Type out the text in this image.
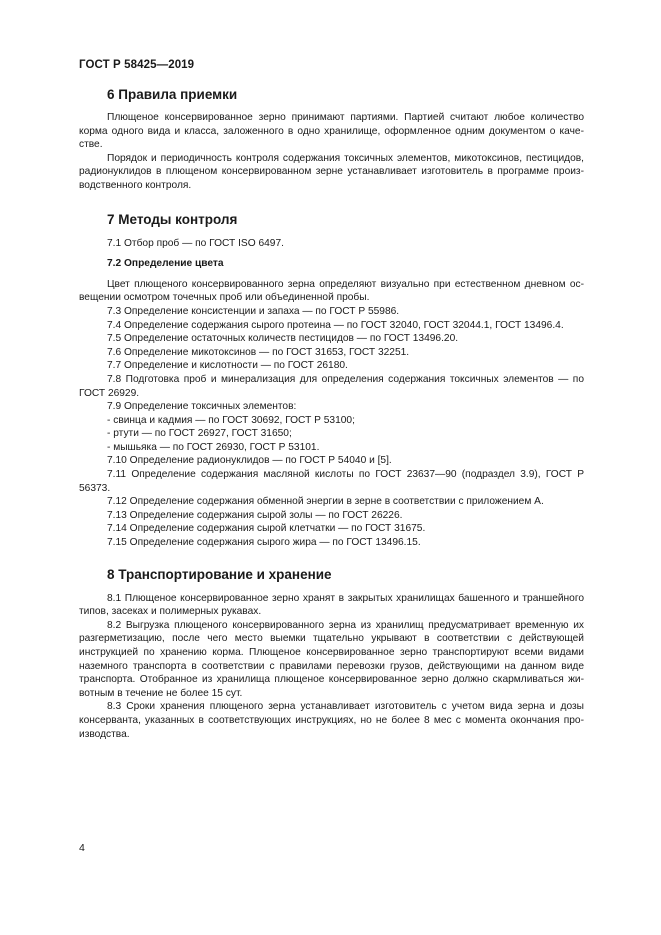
ГОСТ Р 58425—2019
6 Правила приемки

Плющеное консервированное зерно принимают партиями. Партией считают любое количество корма одного вида и класса, заложенного в одно хранилище, оформленное одним документом о качестве.

Порядок и периодичность контроля содержания токсичных элементов, микотоксинов, пестицидов, радионуклидов в плющеном консервированном зерне устанавливает изготовитель в программе производственного контроля.

7 Методы контроля

7.1 Отбор проб — по ГОСТ ISO 6497.

7.2 Определение цвета

Цвет плющеного консервированного зерна определяют визуально при естественном дневном освещении осмотром точечных проб или объединенной пробы.

7.3 Определение консистенции и запаха — по ГОСТ Р 55986.

7.4 Определение содержания сырого протеина — по ГОСТ 32040, ГОСТ 32044.1, ГОСТ 13496.4.

7.5 Определение остаточных количеств пестицидов — по ГОСТ 13496.20.

7.6 Определение микотоксинов — по ГОСТ 31653, ГОСТ 32251.

7.7 Определение и кислотности — по ГОСТ 26180.

7.8 Подготовка проб и минерализация для определения содержания токсичных элементов — по ГОСТ 26929.

7.9 Определение токсичных элементов:

- свинца и кадмия — по ГОСТ 30692, ГОСТ Р 53100;

- ртути — по ГОСТ 26927, ГОСТ 31650;

- мышьяка — по ГОСТ 26930, ГОСТ Р 53101.

7.10 Определение радионуклидов — по ГОСТ Р 54040 и [5].

7.11 Определение содержания масляной кислоты по ГОСТ 23637—90 (подраздел 3.9), ГОСТ Р 56373.

7.12 Определение содержания обменной энергии в зерне в соответствии с приложением А.

7.13 Определение содержания сырой золы — по ГОСТ 26226.

7.14 Определение содержания сырой клетчатки — по ГОСТ 31675.

7.15 Определение содержания сырого жира — по ГОСТ 13496.15.

8 Транспортирование и хранение

8.1 Плющеное консервированное зерно хранят в закрытых хранилищах башенного и траншейного типов, засеках и полимерных рукавах.

8.2 Выгрузка плющеного консервированного зерна из хранилищ предусматривает временную их разгерметизацию, после чего место выемки тщательно укрывают в соответствии с действующей инструкцией по хранению корма. Плющеное консервированное зерно транспортируют всеми видами наземного транспорта в соответствии с правилами перевозки грузов, действующими на данном виде транспорта. Отобранное из хранилища плющеное консервированное зерно должно скармливаться животным в течение не более 15 сут.

8.3 Сроки хранения плющеного зерна устанавливает изготовитель с учетом вида зерна и дозы консерванта, указанных в соответствующих инструкциях, но не более 8 мес с момента окончания производства.

4
